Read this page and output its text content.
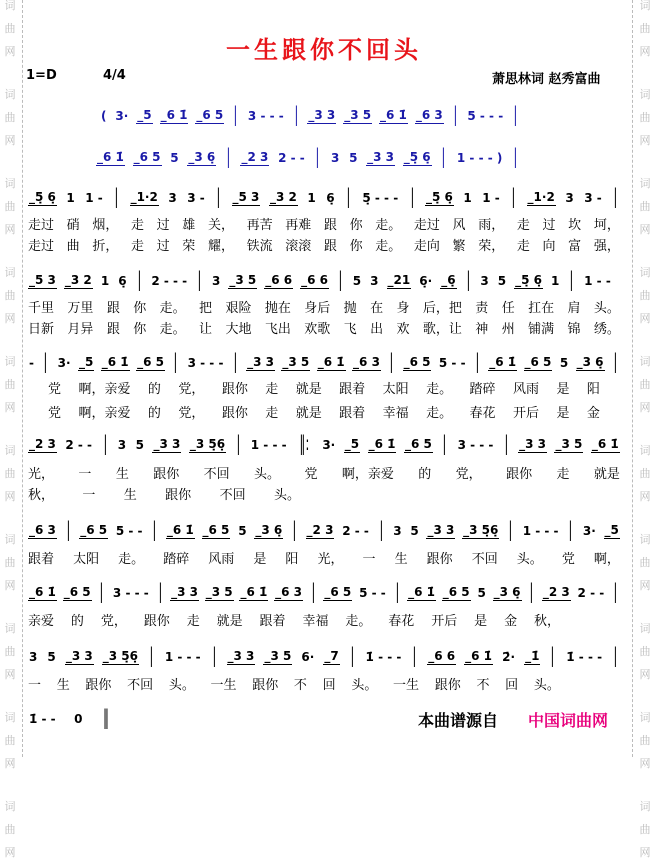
词
曲
网
词
曲
网
词
曲
网
词
曲
网
词
曲
网
词
曲
网
词
曲
网
词
曲
网
词
曲
网
词
曲
网
词
曲
网
词
曲
网
词
曲
网
词
曲
网
词
曲
网
词
曲
网
词
曲
网
词
曲
网
词
曲
网
词
曲
网
一生跟你不回头
1=D	4/4	萧思林词 赵秀富曲
( 3· _5 _6 1̇ _6 5 | 3 - - - | _3 3 _3 5 _6 1̇ _6 3 | 5 - - - |
_6 1̇ _6 5 5 _3 6̣ | _2 3 2 - - | 3 5 _3 3 _5̣ 6̣ | 1 - - - ) |
_5̣ 6̣ 1 1 - | _1·2 3 3 - | _5 3 _3 2 1 6̣ | 5̣ - - - | _5̣ 6̣ 1 1 - | _1·2 3 3 - |
_5 3 _3 2 1 6̣ | 2 - - - | 3 _3 5 _6 6 _6 6 | 5 3 _21 6̣· _6̣ | 3 5 _5̣ 6̣ 1 | 1 - -
- | 3· _5 _6 1̇ _6 5 | 3 - - - | _3 3 _3 5 _6 1̇ _6 3 | _6 5 5 - - | _6 1̇ _6 5 5 _3 6̣ |
_2 3 2 - - | 3 5 _3 3 _3 5̣6̣ | 1 - - - ‖: 3· _5 _6 1̇ _6 5 | 3 - - - | _3 3 _3 5 _6 1̇
_6 3 | _6 5 5 - - | _6 1̇ _6 5 5 _3 6̣ | _2 3 2 - - | 3 5 _3 3 _3 5̣6̣ | 1 - - - | 3· _5
_6 1̇ _6 5 | 3 - - - | _3 3 _3 5 _6 1̇ _6 3 | _6 5 5 - - | _6 1̇ _6 5 5 _3 6̣ | _2 3 2 - - |
3 5 _3 3 _3 5̣6̣ | 1 - - - | _3 3 _3 5 6· _7 | 1̇ - - - | _6 6 _6 1̇ 2̇· _1̇ | 1̇ - - - |
1̇ - - 0 ‖
走过 硝 烟， 走 过 雄 关， 再苦 再难 跟 你 走。 走过 风 雨， 走 过 坎 坷，
走过 曲 折， 走 过 荣 耀， 铁流 滚滚 跟 你 走。 走向 繁 荣， 走 向 富 强，
千里 万里 跟 你 走。 把 艰险 抛在 身后 抛 在 身 后，把 责 任 扛在 肩 头。
日新 月异 跟 你 走。 让 大地 飞出 欢歌 飞 出 欢 歌，让 神 州 铺满 锦 绣。
党 啊，亲爱 的 党， 跟你 走 就是 跟着 太阳 走。 踏碎 风雨 是 阳
党 啊，亲爱 的 党， 跟你 走 就是 跟着 幸福 走。 春花 开后 是 金
光， 一 生 跟你 不回 头。 党 啊，亲爱 的 党， 跟你 走 就是
秋， 一 生 跟你 不回 头。
跟着 太阳 走。 踏碎 风雨 是 阳 光， 一 生 跟你 不回 头。 党 啊，
亲爱 的 党， 跟你 走 就是 跟着 幸福 走。 春花 开后 是 金 秋，
一 生 跟你 不回 头。 一生 跟你 不 回 头。 一生 跟你 不 回 头。
本曲谱源自 中国词曲网
